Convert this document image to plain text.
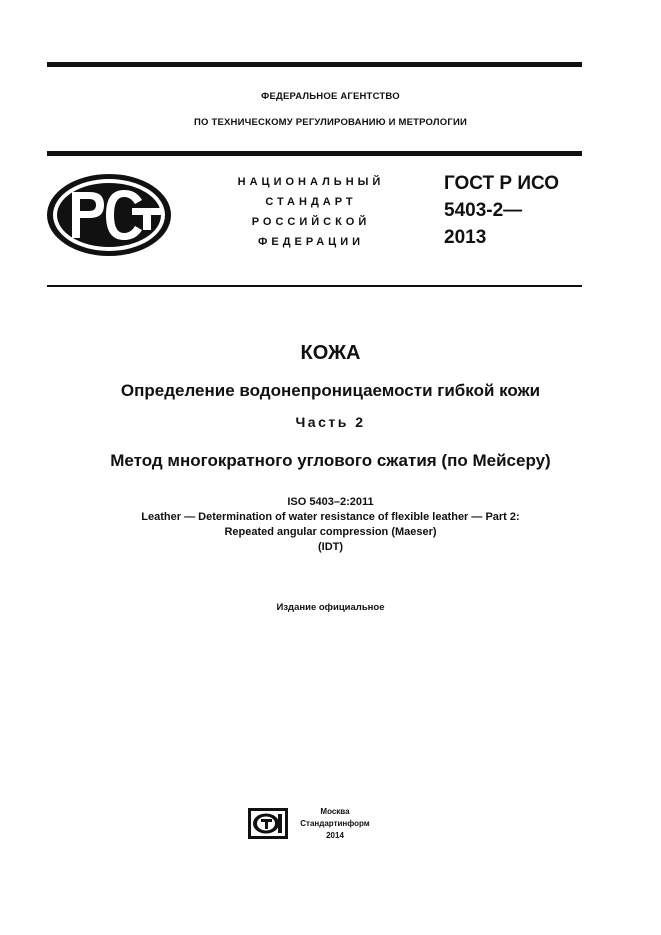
ФЕДЕРАЛЬНОЕ АГЕНТСТВО
ПО ТЕХНИЧЕСКОМУ РЕГУЛИРОВАНИЮ И МЕТРОЛОГИИ
НАЦИОНАЛЬНЫЙ
СТАНДАРТ
РОССИЙСКОЙ
ФЕДЕРАЦИИ
ГОСТ Р ИСО
5403-2—
2013
КОЖА
Определение водонепроницаемости гибкой кожи
Часть 2
Метод многократного углового сжатия (по Мейсеру)
ISO 5403–2:2011
Leather — Determination of water resistance of flexible leather — Part 2:
Repeated angular compression (Maeser)
(IDT)
Издание официальное
Москва
Стандартинформ
2014
